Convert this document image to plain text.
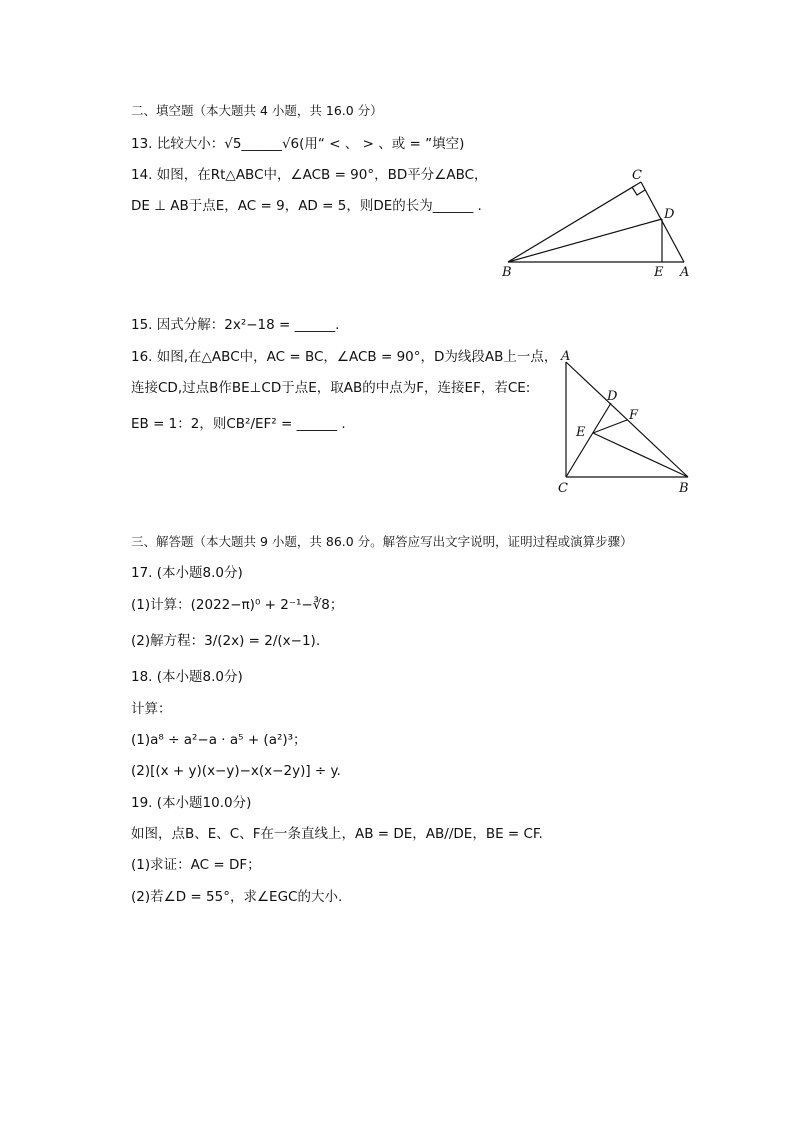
二、填空题（本大题共 4 小题，共 16.0 分）
13. 比较大小：√5______√6(用“ < 、 > 、或 = ”填空)
14. 如图，在Rt△ABC中，∠ACB = 90°，BD平分∠ABC，
DE ⊥ AB于点E，AC = 9，AD = 5，则DE的长为______ .
C
D
B	E A
15. 因式分解：2x²−18 = ______.
16. 如图,在△ABC中，AC = BC，∠ACB = 90°，D为线段AB上一点，
连接CD,过点B作BE⊥CD于点E，取AB的中点为F，连接EF，若CE:
EB = 1：2，则CB²/EF² = ______ .
A
D
F
E
C	B
三、解答题（本大题共 9 小题，共 86.0 分。解答应写出文字说明，证明过程或演算步骤）
17. (本小题8.0分)
(1)计算：(2022−π)⁰ + 2⁻¹−∛8；
(2)解方程：3/(2x) = 2/(x−1).
18. (本小题8.0分)
计算：
(1)a⁸ ÷ a²−a · a⁵ + (a²)³；
(2)[(x + y)(x−y)−x(x−2y)] ÷ y.
19. (本小题10.0分)
如图，点B、E、C、F在一条直线上，AB = DE，AB//DE，BE = CF.
(1)求证：AC = DF；
(2)若∠D = 55°，求∠EGC的大小.
